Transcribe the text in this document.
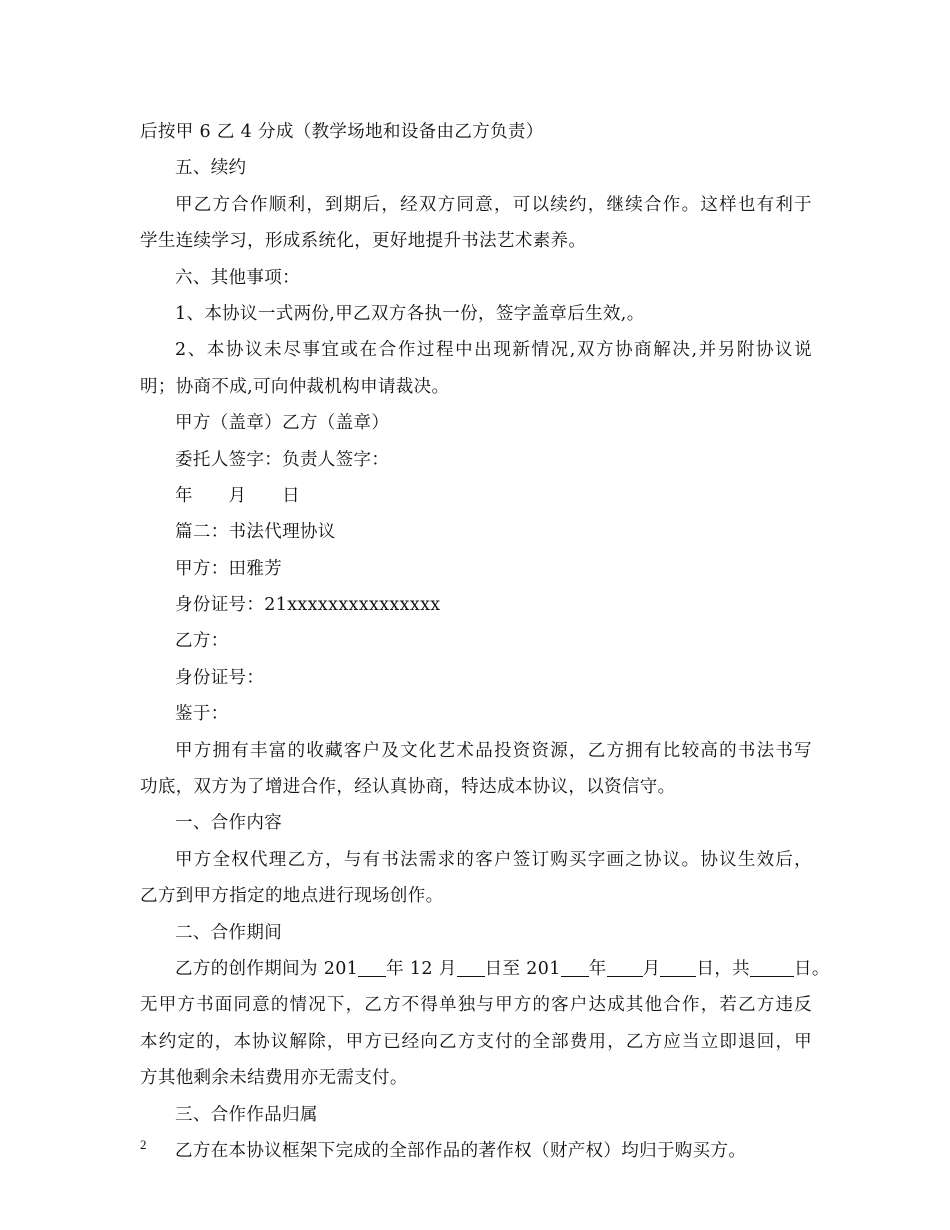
后按甲 6 乙 4 分成（教学场地和设备由乙方负责）
五、续约
甲乙方合作顺利，到期后，经双方同意，可以续约，继续合作。这样也有利于
学生连续学习，形成系统化，更好地提升书法艺术素养。
六、其他事项：
1、本协议一式两份,甲乙双方各执一份，签字盖章后生效,。
2、本协议未尽事宜或在合作过程中出现新情况,双方协商解决,并另附协议说
明；协商不成,可向仲裁机构申请裁决。
甲方（盖章）乙方（盖章）
委托人签字：负责人签字：
年　　月　　日
篇二：书法代理协议
甲方：田雅芳
身份证号：21xxxxxxxxxxxxxxx
乙方：
身份证号：
鉴于：
甲方拥有丰富的收藏客户及文化艺术品投资资源，乙方拥有比较高的书法书写
功底，双方为了增进合作，经认真协商，特达成本协议，以资信守。
一、合作内容
甲方全权代理乙方，与有书法需求的客户签订购买字画之协议。协议生效后，
乙方到甲方指定的地点进行现场创作。
二、合作期间
乙方的创作期间为 201 年 12 月 日至 201 年 月 日，共	日。
无甲方书面同意的情况下，乙方不得单独与甲方的客户达成其他合作，若乙方违反
本约定的，本协议解除，甲方已经向乙方支付的全部费用，乙方应当立即退回，甲
方其他剩余未结费用亦无需支付。
三、合作作品归属
乙方在本协议框架下完成的全部作品的著作权（财产权）均归于购买方。
2
